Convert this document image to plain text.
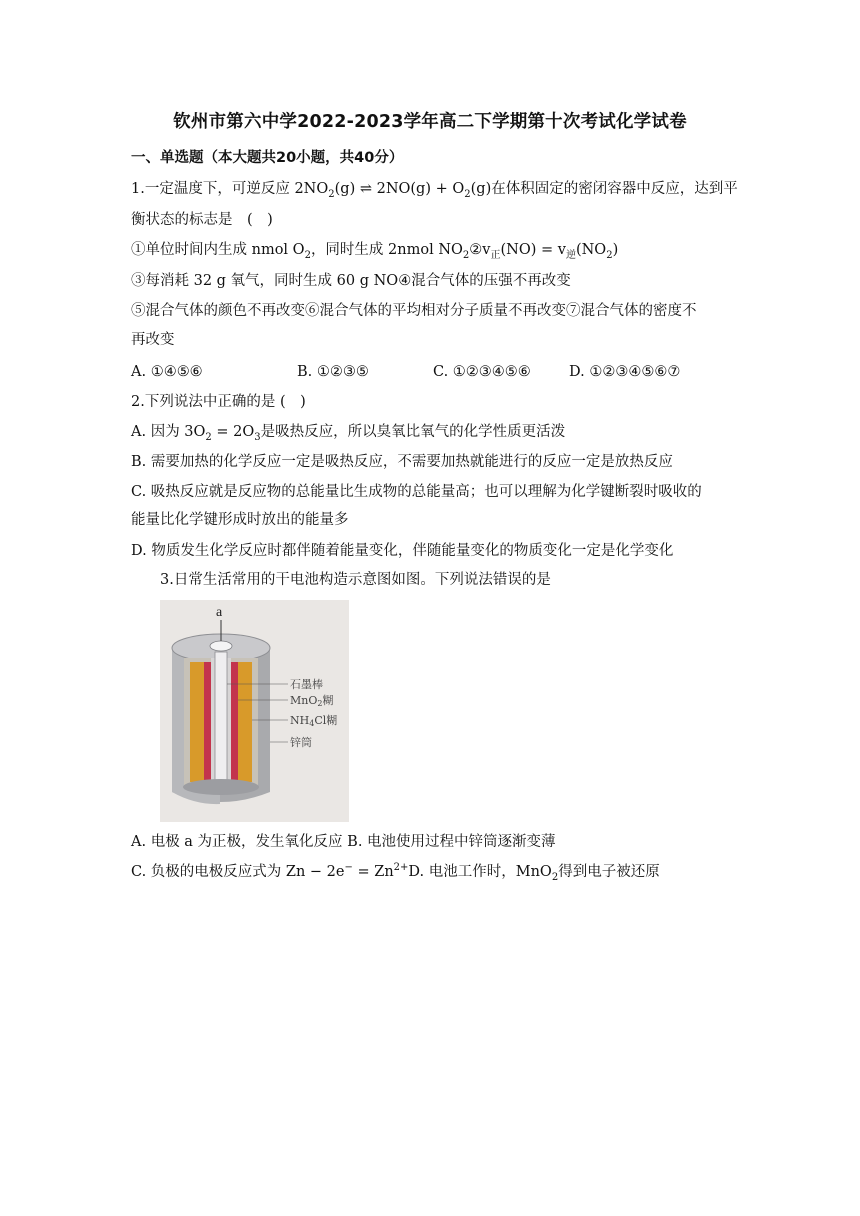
钦州市第六中学2022-2023学年高二下学期第十次考试化学试卷
一、单选题（本大题共20小题，共40分）
1.一定温度下，可逆反应 $2NO_2(g)$ ⇌ $2NO(g) + O_2(g)$在体积固定的密闭容器中反应，达到平
衡状态的标志是　(　)
①单位时间内生成 nmol $O_2$，同时生成 2nmol $NO_2②v_正(NO) = v_逆(NO_2)$
③每消耗 32 g 氧气，同时生成 60 g NO④混合气体的压强不再改变
⑤混合气体的颜色不再改变⑥混合气体的平均相对分子质量不再改变⑦混合气体的密度不
再改变
A. ①④⑤⑥	B. ①②③⑤	C. ①②③④⑤⑥	D. ①②③④⑤⑥⑦
2.下列说法中正确的是 (　)
A. 因为 $3O_2 = 2O_3$是吸热反应，所以臭氧比氧气的化学性质更活泼
B. 需要加热的化学反应一定是吸热反应，不需要加热就能进行的反应一定是放热反应
C. 吸热反应就是反应物的总能量比生成物的总能量高；也可以理解为化学键断裂时吸收的
能量比化学键形成时放出的能量多
D. 物质发生化学反应时都伴随着能量变化，伴随能量变化的物质变化一定是化学变化
3.日常生活常用的干电池构造示意图如图。下列说法错误的是
a
石墨棒
MnO2糊
NH4Cl糊
锌筒
A. 电极 a 为正极，发生氧化反应 B. 电池使用过程中锌筒逐渐变薄
C. 负极的电极反应式为 $Zn - 2e^- = Zn^{2+}D$. 电池工作时，MnO$_2$得到电子被还原
